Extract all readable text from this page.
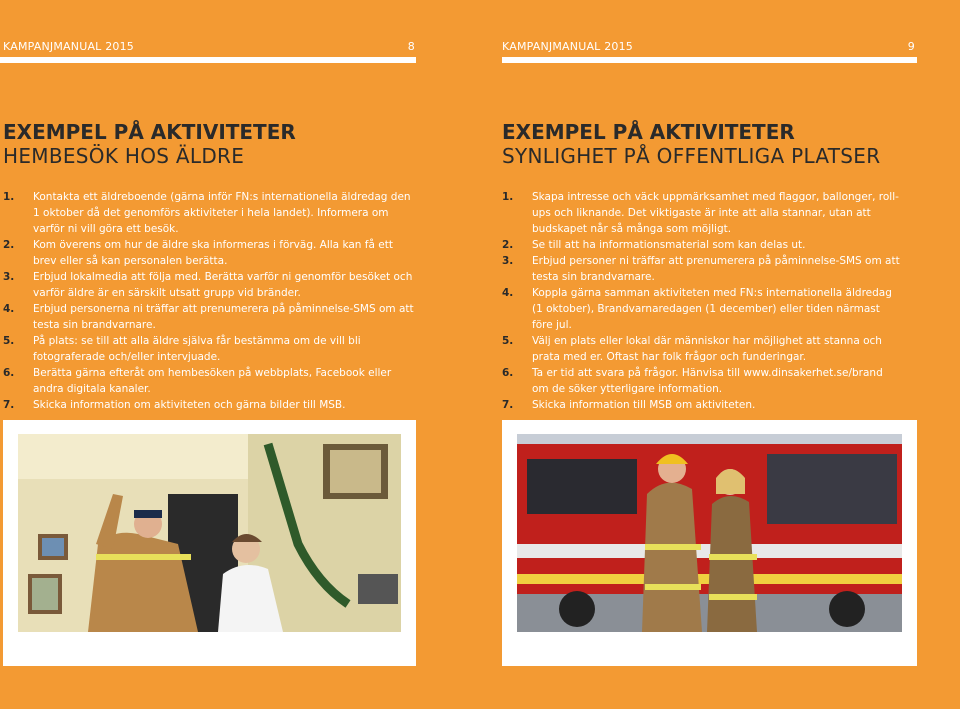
KAMPANJMANUAL 2015	8
EXEMPEL PÅ AKTIVITETER
HEMBESÖK HOS ÄLDRE
1. Kontakta ett äldreboende (gärna inför FN:s internationella äldredag den 1 oktober då det genomförs aktiviteter i hela landet). Informera om varför ni vill göra ett besök.
2. Kom överens om hur de äldre ska informeras i förväg. Alla kan få ett brev eller så kan personalen berätta.
3. Erbjud lokalmedia att följa med. Berätta varför ni genomför besöket och varför äldre är en särskilt utsatt grupp vid bränder.
4. Erbjud personerna ni träffar att prenumerera på påminnelse-SMS om att testa sin brandvarnare.
5. På plats: se till att alla äldre själva får bestämma om de vill bli fotograferade och/eller intervjuade.
6. Berätta gärna efteråt om hembesöken på webbplats, Facebook eller andra digitala kanaler.
7. Skicka information om aktiviteten och gärna bilder till MSB.
KAMPANJMANUAL 2015	9
EXEMPEL PÅ AKTIVITETER
SYNLIGHET PÅ OFFENTLIGA PLATSER
1. Skapa intresse och väck uppmärksamhet med flaggor, ballonger, roll-ups och liknande. Det viktigaste är inte att alla stannar, utan att budskapet når så många som möjligt.
2. Se till att ha informationsmaterial som kan delas ut.
3. Erbjud personer ni träffar att prenumerera på påminnelse-SMS om att testa sin brandvarnare.
4. Koppla gärna samman aktiviteten med FN:s internationella äldredag (1 oktober), Brandvarnaredagen (1 december) eller tiden närmast före jul.
5. Välj en plats eller lokal där människor har möjlighet att stanna och prata med er. Oftast har folk frågor och funderingar.
6. Ta er tid att svara på frågor. Hänvisa till www.dinsakerhet.se/brand om de söker ytterligare information.
7. Skicka information till MSB om aktiviteten.
